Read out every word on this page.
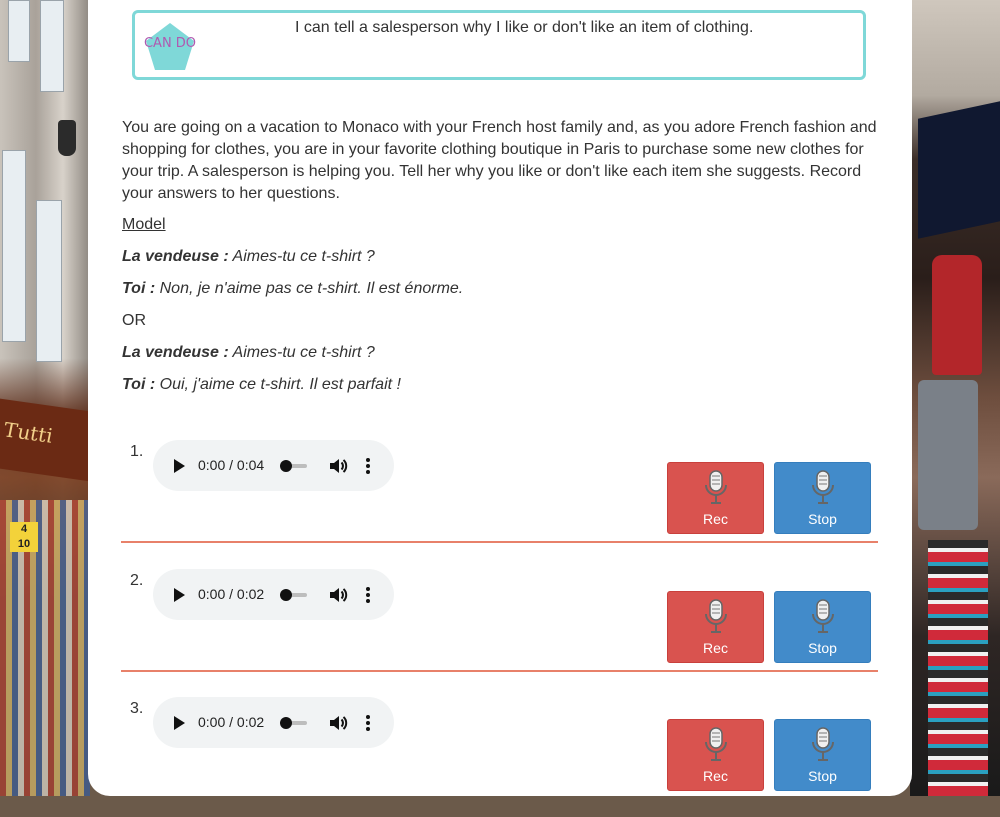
Tutti
4
10
CAN DO
I can tell a salesperson why I like or don't like an item of clothing.
You are going on a vacation to Monaco with your French host family and, as you adore French fashion and shopping for clothes, you are in your favorite clothing boutique in Paris to purchase some new clothes for your trip. A salesperson is helping you. Tell her why you like or don't like each item she suggests. Record your answers to her questions.
Model
La vendeuse : Aimes-tu ce t-shirt ?
Toi : Non, je n'aime pas ce t-shirt. Il est énorme.
OR
La vendeuse : Aimes-tu ce t-shirt ?
Toi : Oui, j'aime ce t-shirt. Il est parfait !
1.
0:00 / 0:04
Rec	Stop
2.
0:00 / 0:02
Rec	Stop
3.
0:00 / 0:02
Rec	Stop
